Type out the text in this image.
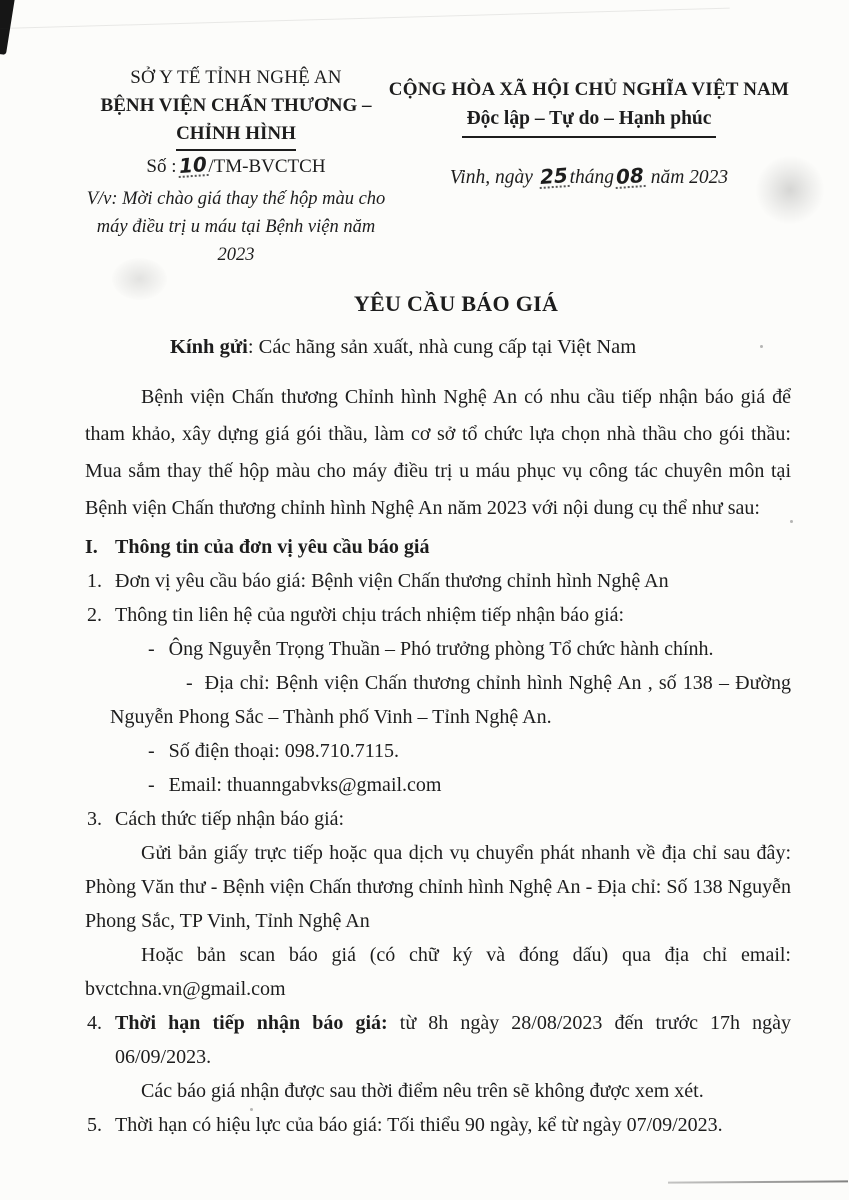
SỞ Y TẾ TỈNH NGHỆ AN
BỆNH VIỆN CHẤN THƯƠNG –
CHỈNH HÌNH
Số :10/TM-BVCTCH
V/v: Mời chào giá thay thế hộp màu cho máy điều trị u máu tại Bệnh viện năm 2023
CỘNG HÒA XÃ HỘI CHỦ NGHĨA VIỆT NAM
Độc lập – Tự do – Hạnh phúc
Vinh, ngày 25tháng08 năm 2023
YÊU CẦU BÁO GIÁ
Kính gửi: Các hãng sản xuất, nhà cung cấp tại Việt Nam
Bệnh viện Chấn thương Chỉnh hình Nghệ An có nhu cầu tiếp nhận báo giá để tham khảo, xây dựng giá gói thầu, làm cơ sở tổ chức lựa chọn nhà thầu cho gói thầu: Mua sắm thay thế hộp màu cho máy điều trị u máu phục vụ công tác chuyên môn tại Bệnh viện Chấn thương chỉnh hình Nghệ An năm 2023 với nội dung cụ thể như sau:
I. Thông tin của đơn vị yêu cầu báo giá
1. Đơn vị yêu cầu báo giá: Bệnh viện Chấn thương chỉnh hình Nghệ An
2. Thông tin liên hệ của người chịu trách nhiệm tiếp nhận báo giá:
- Ông Nguyễn Trọng Thuần – Phó trưởng phòng Tổ chức hành chính.
- Địa chỉ: Bệnh viện Chấn thương chỉnh hình Nghệ An , số 138 – Đường Nguyễn Phong Sắc – Thành phố Vinh – Tỉnh Nghệ An.
- Số điện thoại: 098.710.7115.
- Email: thuanngabvks@gmail.com
3. Cách thức tiếp nhận báo giá:
Gửi bản giấy trực tiếp hoặc qua dịch vụ chuyển phát nhanh về địa chỉ sau đây: Phòng Văn thư - Bệnh viện Chấn thương chỉnh hình Nghệ An - Địa chỉ: Số 138 Nguyễn Phong Sắc, TP Vinh, Tỉnh Nghệ An
Hoặc bản scan báo giá (có chữ ký và đóng dấu) qua địa chỉ email: bvctchna.vn@gmail.com
4. Thời hạn tiếp nhận báo giá: từ 8h ngày 28/08/2023 đến trước 17h ngày 06/09/2023.
Các báo giá nhận được sau thời điểm nêu trên sẽ không được xem xét.
5. Thời hạn có hiệu lực của báo giá: Tối thiểu 90 ngày, kể từ ngày 07/09/2023.
